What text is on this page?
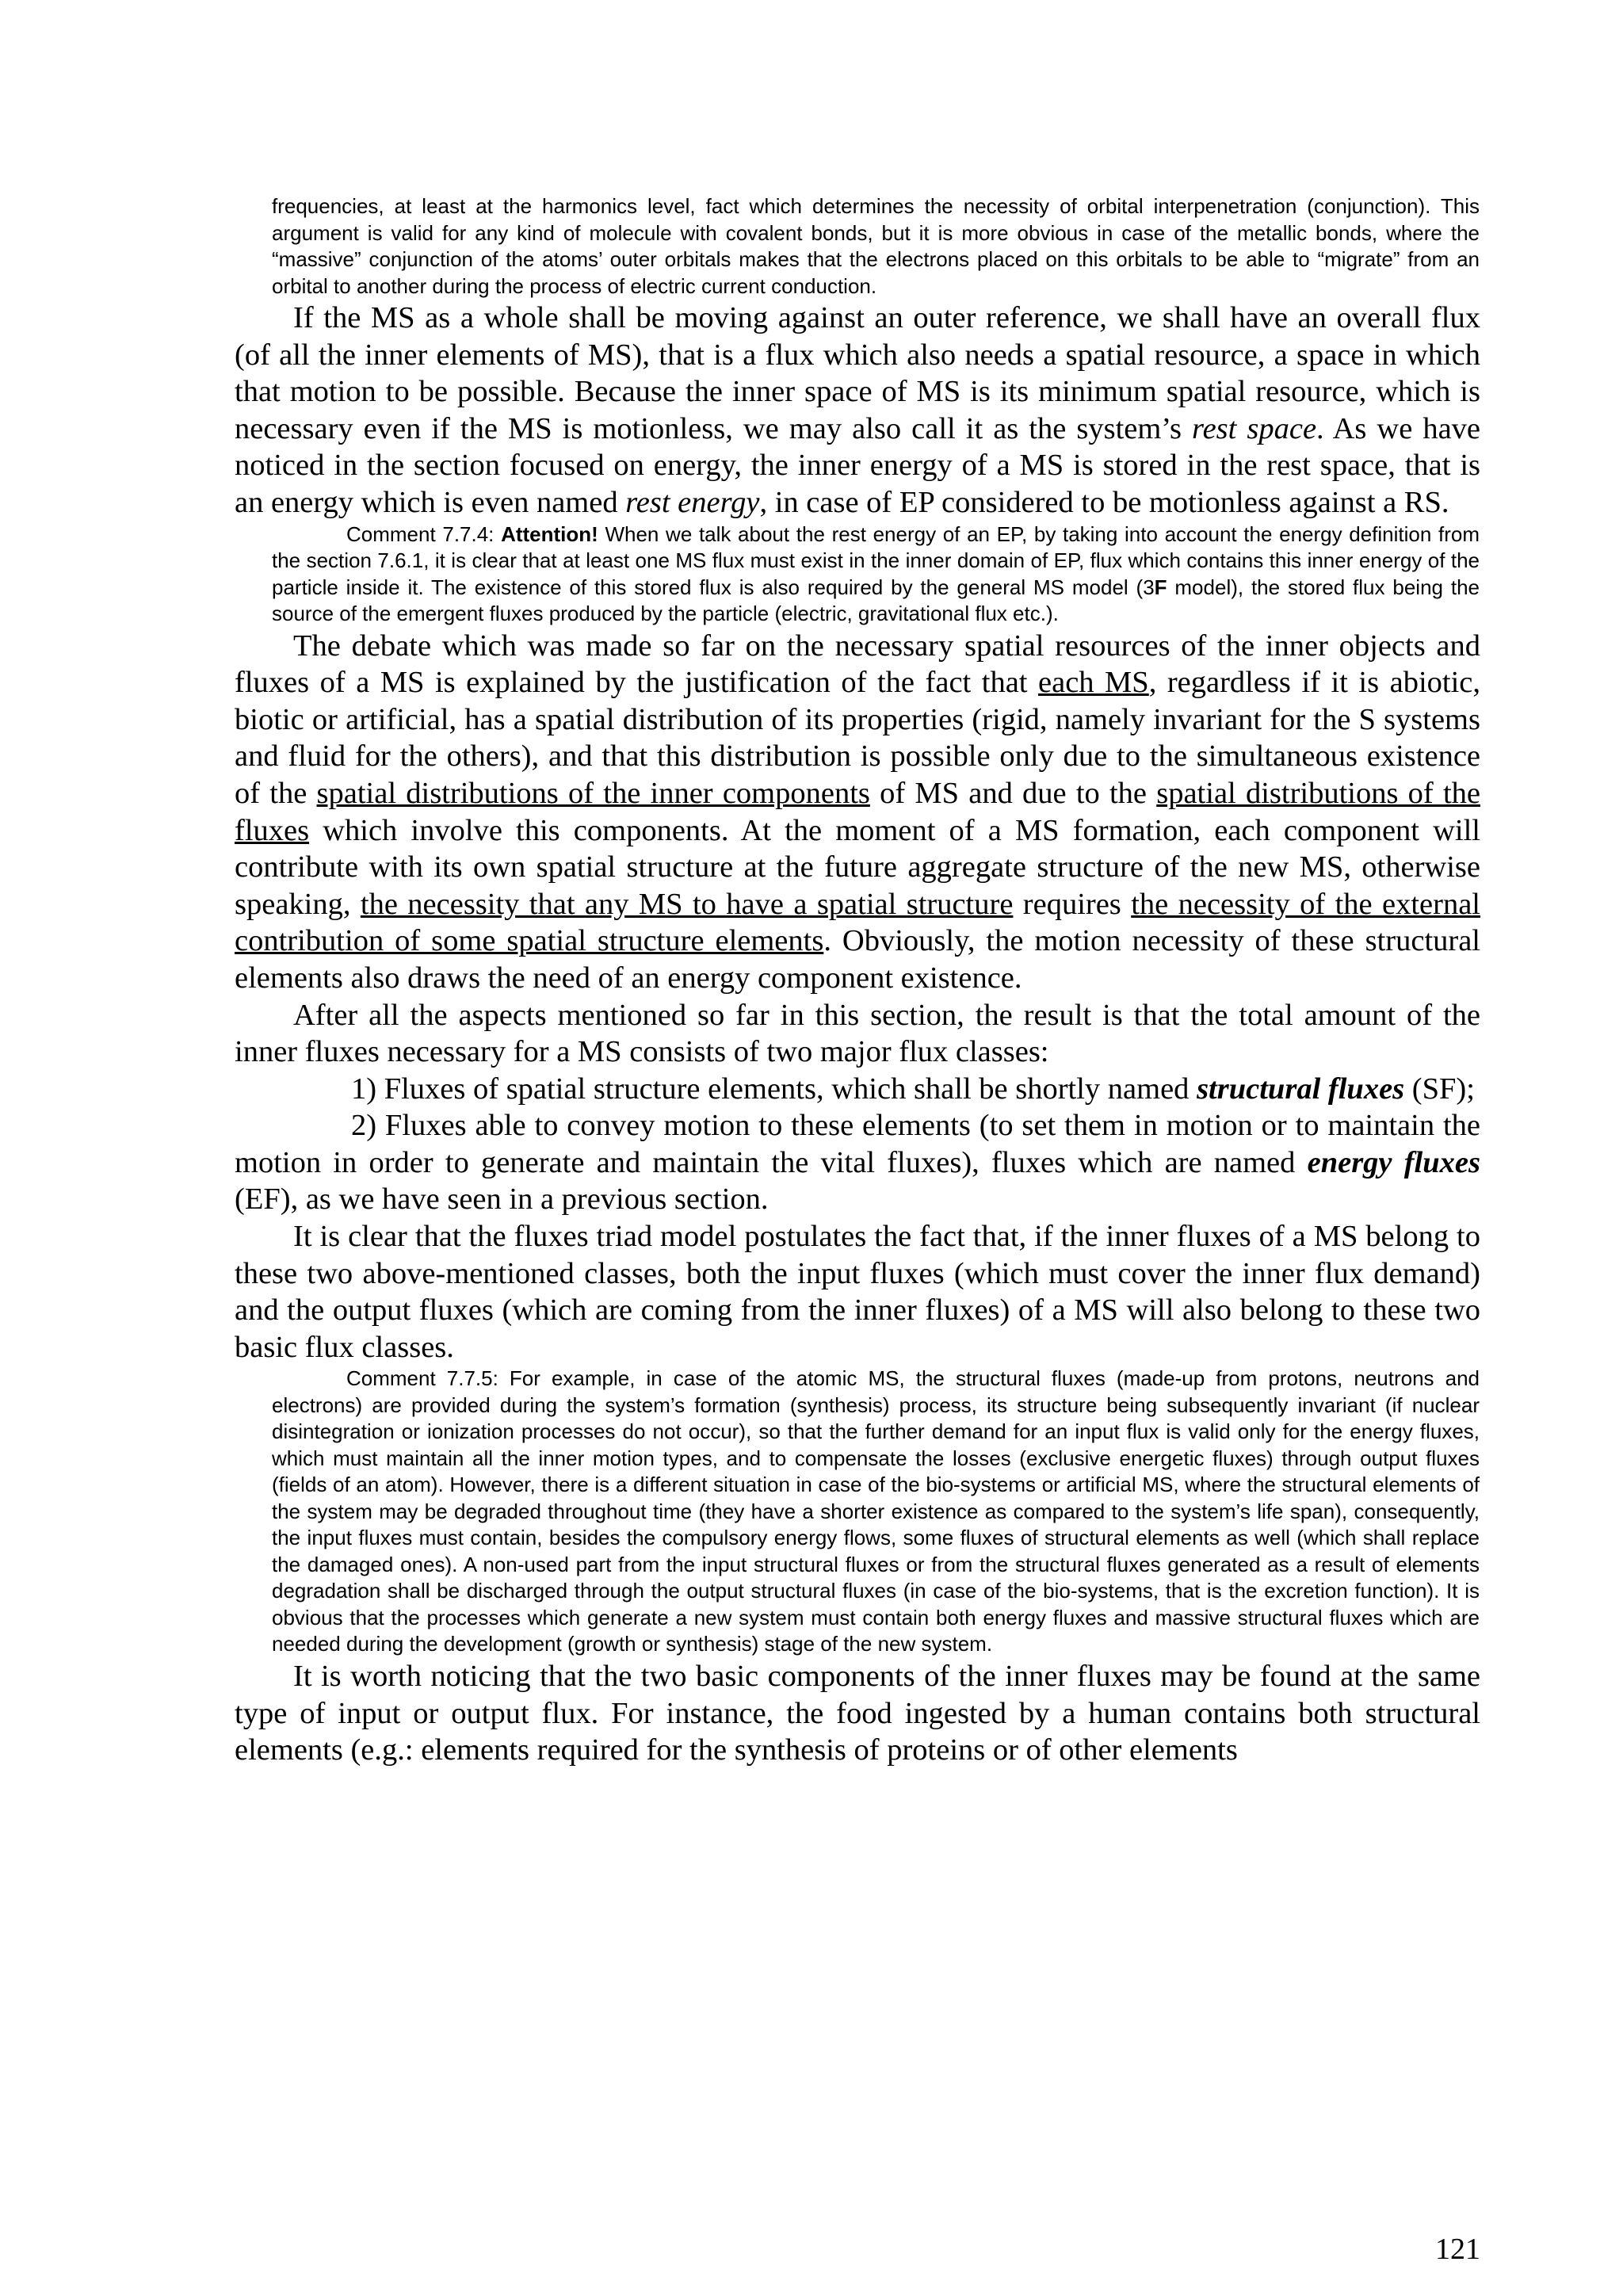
frequencies, at least at the harmonics level, fact which determines the necessity of orbital interpenetration (conjunction). This argument is valid for any kind of molecule with covalent bonds, but it is more obvious in case of the metallic bonds, where the “massive” conjunction of the atoms’ outer orbitals makes that the electrons placed on this orbitals to be able to “migrate” from an orbital to another during the process of electric current conduction.

If the MS as a whole shall be moving against an outer reference, we shall have an overall flux (of all the inner elements of MS), that is a flux which also needs a spatial resource, a space in which that motion to be possible. Because the inner space of MS is its minimum spatial resource, which is necessary even if the MS is motionless, we may also call it as the system’s rest space. As we have noticed in the section focused on energy, the inner energy of a MS is stored in the rest space, that is an energy which is even named rest energy, in case of EP considered to be motionless against a RS.

Comment 7.7.4: Attention! When we talk about the rest energy of an EP, by taking into account the energy definition from the section 7.6.1, it is clear that at least one MS flux must exist in the inner domain of EP, flux which contains this inner energy of the particle inside it. The existence of this stored flux is also required by the general MS model (3F model), the stored flux being the source of the emergent fluxes produced by the particle (electric, gravitational flux etc.).

The debate which was made so far on the necessary spatial resources of the inner objects and fluxes of a MS is explained by the justification of the fact that each MS, regardless if it is abiotic, biotic or artificial, has a spatial distribution of its properties (rigid, namely invariant for the S systems and fluid for the others), and that this distribution is possible only due to the simultaneous existence of the spatial distributions of the inner components of MS and due to the spatial distributions of the fluxes which involve this components. At the moment of a MS formation, each component will contribute with its own spatial structure at the future aggregate structure of the new MS, otherwise speaking, the necessity that any MS to have a spatial structure requires the necessity of the external contribution of some spatial structure elements. Obviously, the motion necessity of these structural elements also draws the need of an energy component existence.

After all the aspects mentioned so far in this section, the result is that the total amount of the inner fluxes necessary for a MS consists of two major flux classes:

1) Fluxes of spatial structure elements, which shall be shortly named structural fluxes (SF);

2) Fluxes able to convey motion to these elements (to set them in motion or to maintain the motion in order to generate and maintain the vital fluxes), fluxes which are named energy fluxes (EF), as we have seen in a previous section.

It is clear that the fluxes triad model postulates the fact that, if the inner fluxes of a MS belong to these two above-mentioned classes, both the input fluxes (which must cover the inner flux demand) and the output fluxes (which are coming from the inner fluxes) of a MS will also belong to these two basic flux classes.

Comment 7.7.5: For example, in case of the atomic MS, the structural fluxes (made-up from protons, neutrons and electrons) are provided during the system’s formation (synthesis) process, its structure being subsequently invariant (if nuclear disintegration or ionization processes do not occur), so that the further demand for an input flux is valid only for the energy fluxes, which must maintain all the inner motion types, and to compensate the losses (exclusive energetic fluxes) through output fluxes (fields of an atom). However, there is a different situation in case of the bio-systems or artificial MS, where the structural elements of the system may be degraded throughout time (they have a shorter existence as compared to the system’s life span), consequently, the input fluxes must contain, besides the compulsory energy flows, some fluxes of structural elements as well (which shall replace the damaged ones). A non-used part from the input structural fluxes or from the structural fluxes generated as a result of elements degradation shall be discharged through the output structural fluxes (in case of the bio-systems, that is the excretion function). It is obvious that the processes which generate a new system must contain both energy fluxes and massive structural fluxes which are needed during the development (growth or synthesis) stage of the new system.

It is worth noticing that the two basic components of the inner fluxes may be found at the same type of input or output flux. For instance, the food ingested by a human contains both structural elements (e.g.: elements required for the synthesis of proteins or of other elements

121
